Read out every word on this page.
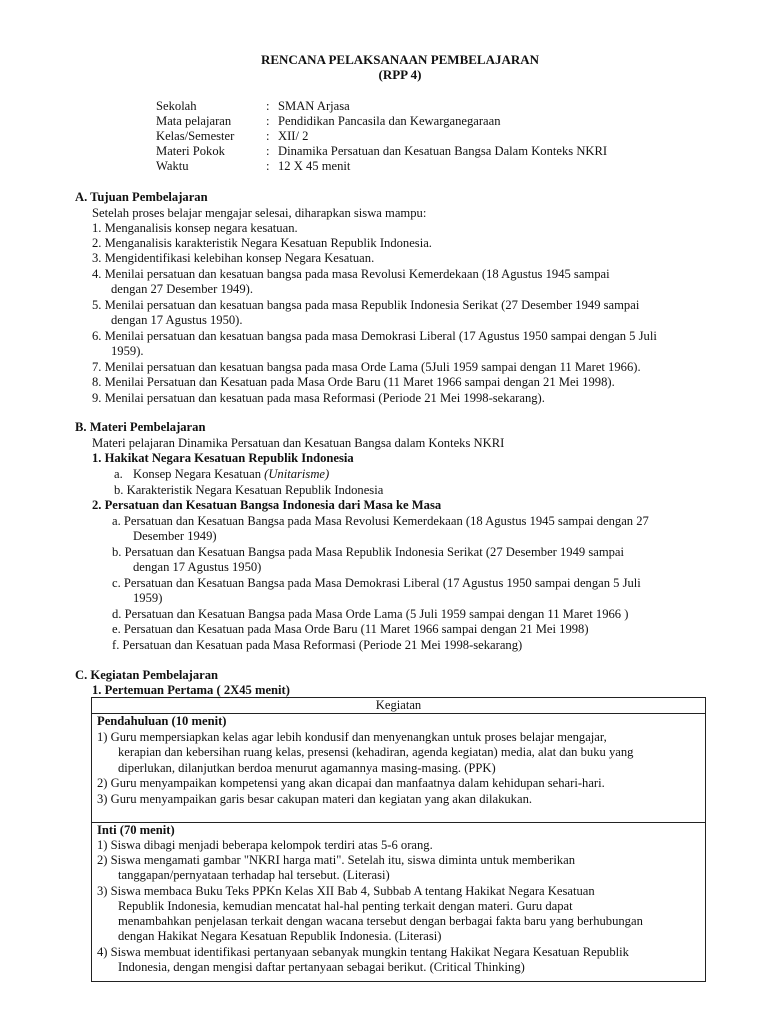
RENCANA PELAKSANAAN PEMBELAJARAN
(RPP 4)
Sekolah	: SMAN Arjasa
Mata pelajaran	: Pendidikan Pancasila dan Kewarganegaraan
Kelas/Semester	: XII/ 2
Materi Pokok	: Dinamika Persatuan dan Kesatuan Bangsa Dalam Konteks NKRI
Waktu	: 12 X 45 menit
A. Tujuan Pembelajaran
Setelah proses belajar mengajar selesai, diharapkan siswa mampu:
1. Menganalisis konsep negara kesatuan.
2. Menganalisis karakteristik Negara Kesatuan Republik Indonesia.
3. Mengidentifikasi kelebihan konsep Negara Kesatuan.
4. Menilai persatuan dan kesatuan bangsa pada masa Revolusi Kemerdekaan (18 Agustus 1945 sampai
dengan 27 Desember 1949).
5. Menilai persatuan dan kesatuan bangsa pada masa Republik Indonesia Serikat (27 Desember 1949 sampai
dengan 17 Agustus 1950).
6. Menilai persatuan dan kesatuan bangsa pada masa Demokrasi Liberal (17 Agustus 1950 sampai dengan 5 Juli
1959).
7. Menilai persatuan dan kesatuan bangsa pada masa Orde Lama (5Juli 1959 sampai dengan 11 Maret 1966).
8. Menilai Persatuan dan Kesatuan pada Masa Orde Baru (11 Maret 1966 sampai dengan 21 Mei 1998).
9. Menilai persatuan dan kesatuan pada masa Reformasi (Periode 21 Mei 1998-sekarang).
B. Materi Pembelajaran
Materi pelajaran Dinamika Persatuan dan Kesatuan Bangsa dalam Konteks NKRI
1. Hakikat Negara Kesatuan Republik Indonesia
a. Konsep Negara Kesatuan (Unitarisme)
b. Karakteristik Negara Kesatuan Republik Indonesia
2. Persatuan dan Kesatuan Bangsa Indonesia dari Masa ke Masa
a. Persatuan dan Kesatuan Bangsa pada Masa Revolusi Kemerdekaan (18 Agustus 1945 sampai dengan 27
Desember 1949)
b. Persatuan dan Kesatuan Bangsa pada Masa Republik Indonesia Serikat (27 Desember 1949 sampai
dengan 17 Agustus 1950)
c. Persatuan dan Kesatuan Bangsa pada Masa Demokrasi Liberal (17 Agustus 1950 sampai dengan 5 Juli
1959)
d. Persatuan dan Kesatuan Bangsa pada Masa Orde Lama (5 Juli 1959 sampai dengan 11 Maret 1966 )
e. Persatuan dan Kesatuan pada Masa Orde Baru (11 Maret 1966 sampai dengan 21 Mei 1998)
f. Persatuan dan Kesatuan pada Masa Reformasi (Periode 21 Mei 1998-sekarang)
C. Kegiatan Pembelajaran
1. Pertemuan Pertama ( 2X45 menit)
Kegiatan
Pendahuluan (10 menit)
1) Guru mempersiapkan kelas agar lebih kondusif dan menyenangkan untuk proses belajar mengajar,
kerapian dan kebersihan ruang kelas, presensi (kehadiran, agenda kegiatan) media, alat dan buku yang
diperlukan, dilanjutkan berdoa menurut agamannya masing-masing. (PPK)
2) Guru menyampaikan kompetensi yang akan dicapai dan manfaatnya dalam kehidupan sehari-hari.
3) Guru menyampaikan garis besar cakupan materi dan kegiatan yang akan dilakukan.
Inti (70 menit)
1) Siswa dibagi menjadi beberapa kelompok terdiri atas 5-6 orang.
2) Siswa mengamati gambar "NKRI harga mati". Setelah itu, siswa diminta untuk memberikan
tanggapan/pernyataan terhadap hal tersebut. (Literasi)
3) Siswa membaca Buku Teks PPKn Kelas XII Bab 4, Subbab A tentang Hakikat Negara Kesatuan
Republik Indonesia, kemudian mencatat hal-hal penting terkait dengan materi. Guru dapat
menambahkan penjelasan terkait dengan wacana tersebut dengan berbagai fakta baru yang berhubungan
dengan Hakikat Negara Kesatuan Republik Indonesia. (Literasi)
4) Siswa membuat identifikasi pertanyaan sebanyak mungkin tentang Hakikat Negara Kesatuan Republik
Indonesia, dengan mengisi daftar pertanyaan sebagai berikut. (Critical Thinking)
